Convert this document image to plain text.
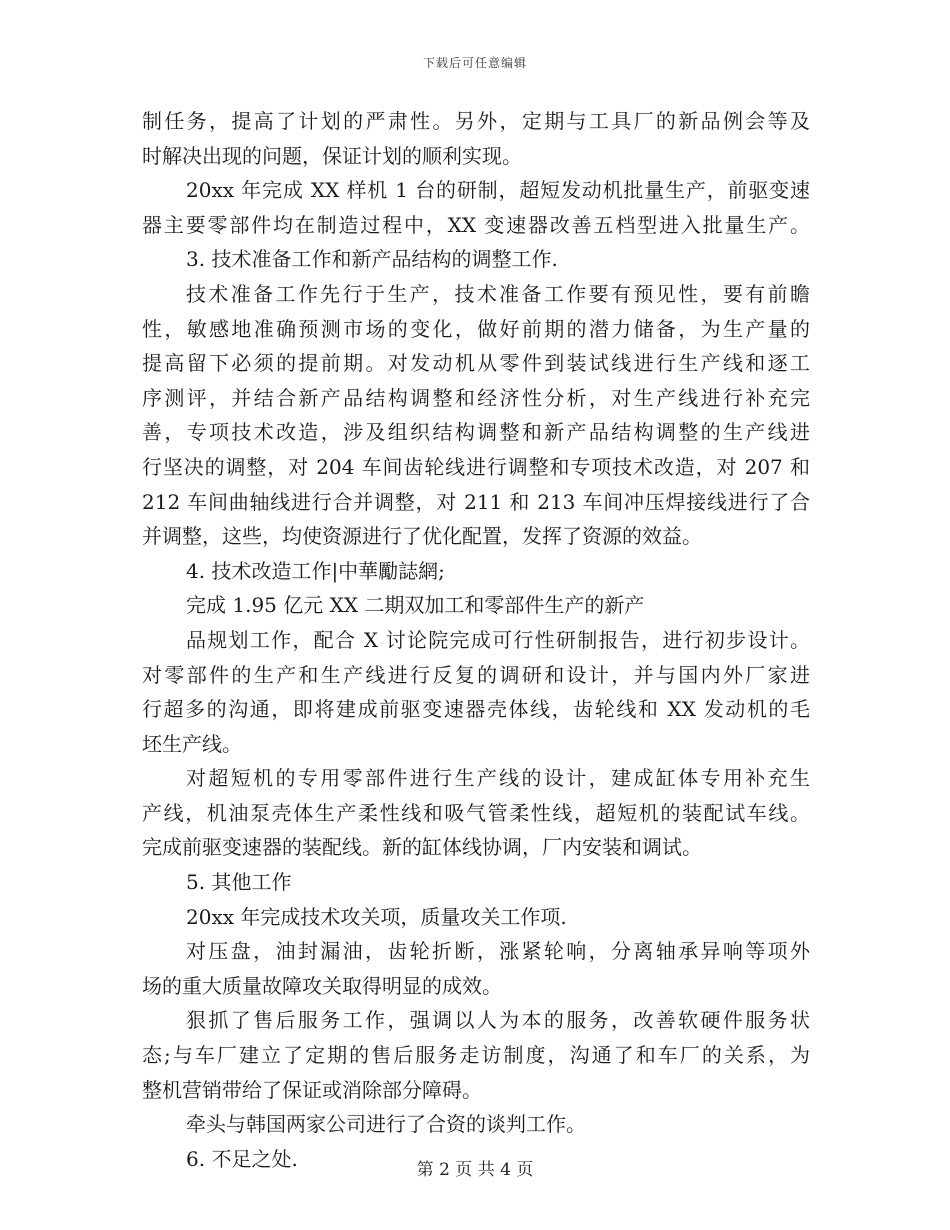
下载后可任意编辑
制任务，提高了计划的严肃性。另外，定期与工具厂的新品例会等及
时解决出现的问题，保证计划的顺利实现。
20xx 年完成 XX 样机 1 台的研制，超短发动机批量生产，前驱变速
器主要零部件均在制造过程中，XX 变速器改善五档型进入批量生产。
3. 技术准备工作和新产品结构的调整工作.
技术准备工作先行于生产，技术准备工作要有预见性，要有前瞻
性，敏感地准确预测市场的变化，做好前期的潜力储备，为生产量的
提高留下必须的提前期。对发动机从零件到装试线进行生产线和逐工
序测评，并结合新产品结构调整和经济性分析，对生产线进行补充完
善，专项技术改造，涉及组织结构调整和新产品结构调整的生产线进
行坚决的调整，对 204 车间齿轮线进行调整和专项技术改造，对 207 和
212 车间曲轴线进行合并调整，对 211 和 213 车间冲压焊接线进行了合
并调整，这些，均使资源进行了优化配置，发挥了资源的效益。
4. 技术改造工作|中華勵誌網;
完成 1.95 亿元 XX 二期双加工和零部件生产的新产
品规划工作，配合 X 讨论院完成可行性研制报告，进行初步设计。
对零部件的生产和生产线进行反复的调研和设计，并与国内外厂家进
行超多的沟通，即将建成前驱变速器壳体线，齿轮线和 XX 发动机的毛
坯生产线。
对超短机的专用零部件进行生产线的设计，建成缸体专用补充生
产线，机油泵壳体生产柔性线和吸气管柔性线，超短机的装配试车线。
完成前驱变速器的装配线。新的缸体线协调，厂内安装和调试。
5. 其他工作
20xx 年完成技术攻关项，质量攻关工作项.
对压盘，油封漏油，齿轮折断，涨紧轮响，分离轴承异响等项外
场的重大质量故障攻关取得明显的成效。
狠抓了售后服务工作，强调以人为本的服务，改善软硬件服务状
态;与车厂建立了定期的售后服务走访制度，沟通了和车厂的关系，为
整机营销带给了保证或消除部分障碍。
牵头与韩国两家公司进行了合资的谈判工作。
6. 不足之处.	第 2 页 共 4 页
